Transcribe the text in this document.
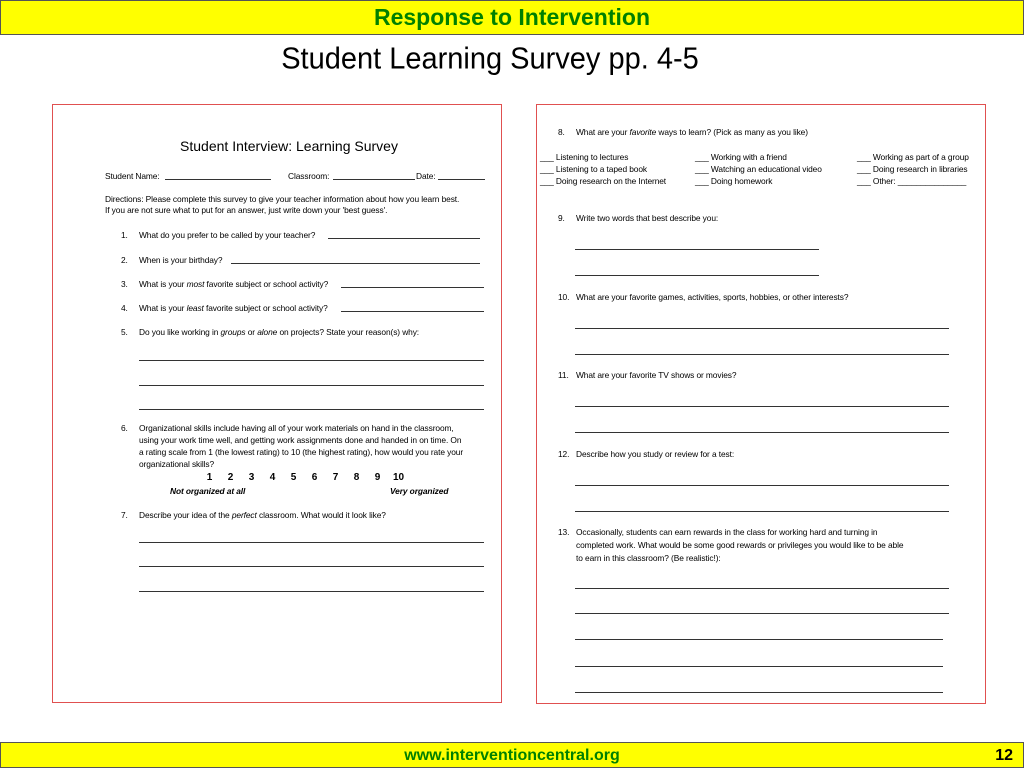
Response to Intervention
Student Learning Survey pp. 4-5
Student Interview: Learning Survey
Student Name:	Classroom:	Date:
Directions: Please complete this survey to give your teacher information about how you learn best.
If you are not sure what to put for an answer, just write down your 'best guess'.
1. What do you prefer to be called by your teacher?
2. When is your birthday?
3. What is your most favorite subject or school activity?
4. What is your least favorite subject or school activity?
5. Do you like working in groups or alone on projects? State your reason(s) why:
6. Organizational skills include having all of your work materials on hand in the classroom,
using your work time well, and getting work assignments done and handed in on time. On
a rating scale from 1 (the lowest rating) to 10 (the highest rating), how would you rate your
organizational skills?
1 2 3 4 5 6 7 8 9 10
Not organized at all	Very organized
7. Describe your idea of the perfect classroom. What would it look like?
8. What are your favorite ways to learn? (Pick as many as you like)
___ Listening to lectures	___ Working with a friend	___ Working as part of a group
___ Listening to a taped book	___ Watching an educational video	___ Doing research in libraries
___ Doing research on the Internet	___ Doing homework	___ Other: _______________
9. Write two words that best describe you:
10. What are your favorite games, activities, sports, hobbies, or other interests?
11. What are your favorite TV shows or movies?
12. Describe how you study or review for a test:
13. Occasionally, students can earn rewards in the class for working hard and turning in
completed work. What would be some good rewards or privileges you would like to be able
to earn in this classroom? (Be realistic!):
www.interventioncentral.org	12
